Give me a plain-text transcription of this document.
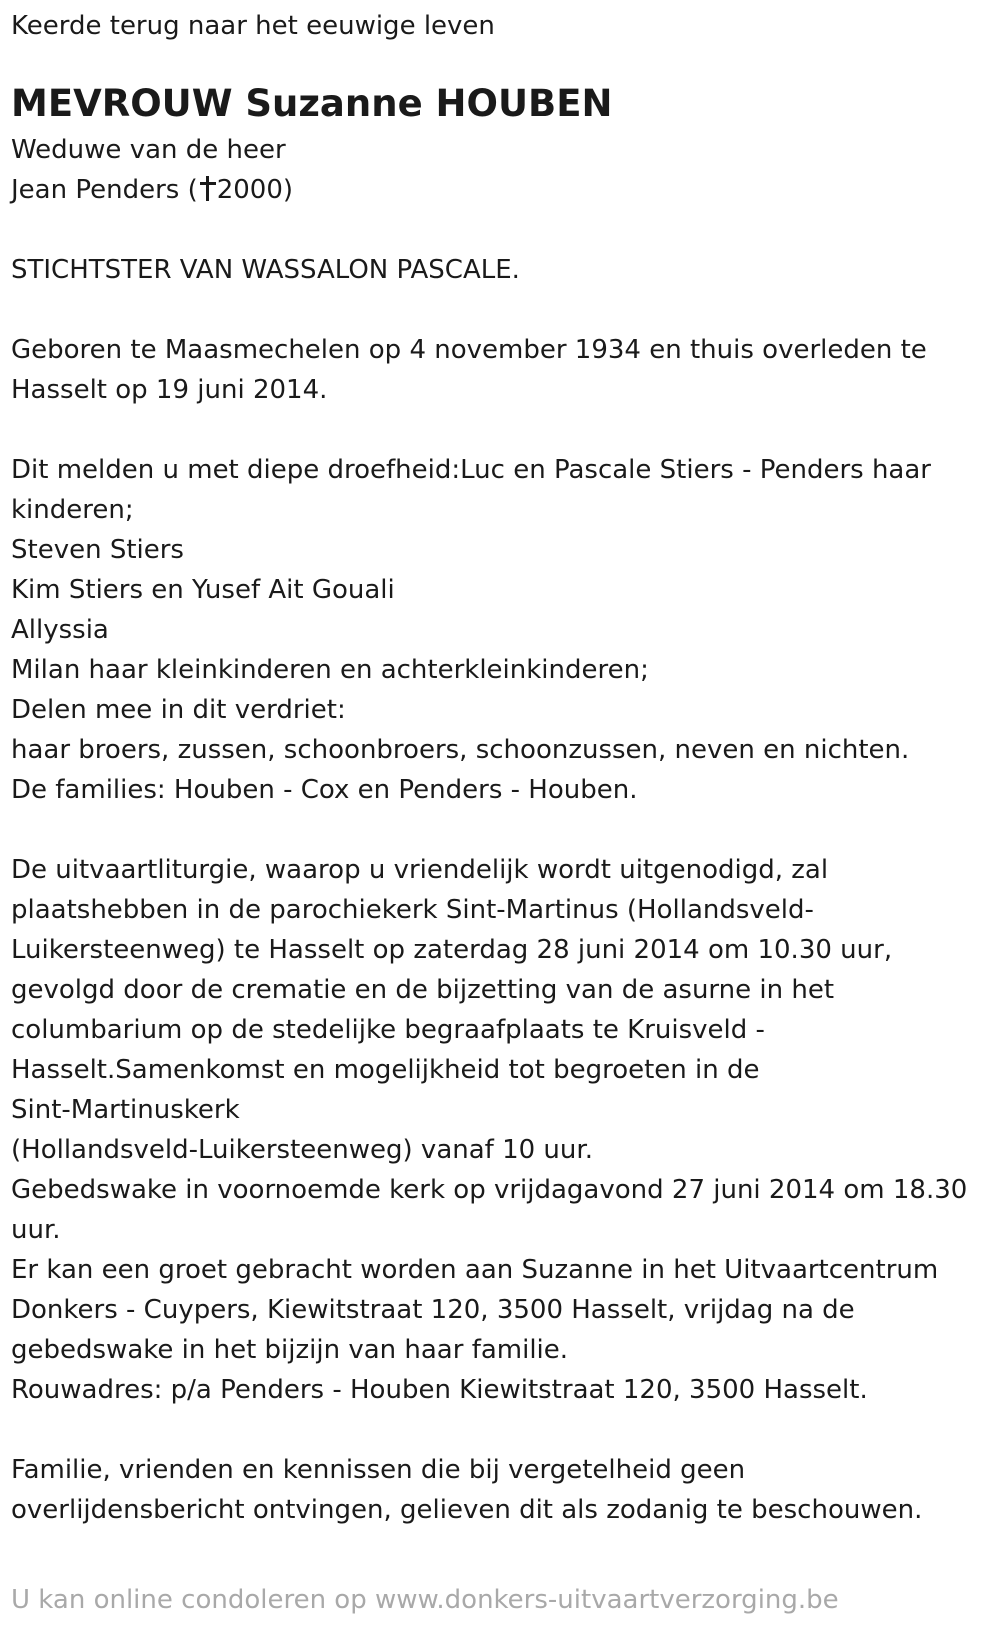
Keerde terug naar het eeuwige leven

MEVROUW Suzanne HOUBEN

Weduwe van de heer

Jean Penders ( 2000)

STICHTSTER VAN WASSALON PASCALE.

Geboren te Maasmechelen op 4 november 1934 en thuis overleden te

Hasselt op 19 juni 2014.

Dit melden u met diepe droefheid:Luc en Pascale Stiers - Penders haar

kinderen;

Steven Stiers

Kim Stiers en Yusef Ait Gouali

Allyssia

Milan haar kleinkinderen en achterkleinkinderen;

Delen mee in dit verdriet:

haar broers, zussen, schoonbroers, schoonzussen, neven en nichten.

De families: Houben - Cox en Penders - Houben.

De uitvaartliturgie, waarop u vriendelijk wordt uitgenodigd, zal

plaatshebben in de parochiekerk Sint-Martinus (Hollandsveld-

Luikersteenweg) te Hasselt op zaterdag 28 juni 2014 om 10.30 uur,

gevolgd door de crematie en de bijzetting van de asurne in het

columbarium op de stedelijke begraafplaats te Kruisveld -

Hasselt.Samenkomst en mogelijkheid tot begroeten in de

Sint-Martinuskerk

(Hollandsveld-Luikersteenweg) vanaf 10 uur.

Gebedswake in voornoemde kerk op vrijdagavond 27 juni 2014 om 18.30

uur.

Er kan een groet gebracht worden aan Suzanne in het Uitvaartcentrum

Donkers - Cuypers, Kiewitstraat 120, 3500 Hasselt, vrijdag na de

gebedswake in het bijzijn van haar familie.

Rouwadres: p/a Penders - Houben Kiewitstraat 120, 3500 Hasselt.

Familie, vrienden en kennissen die bij vergetelheid geen

overlijdensbericht ontvingen, gelieven dit als zodanig te beschouwen.

U kan online condoleren op www.donkers-uitvaartverzorging.be
